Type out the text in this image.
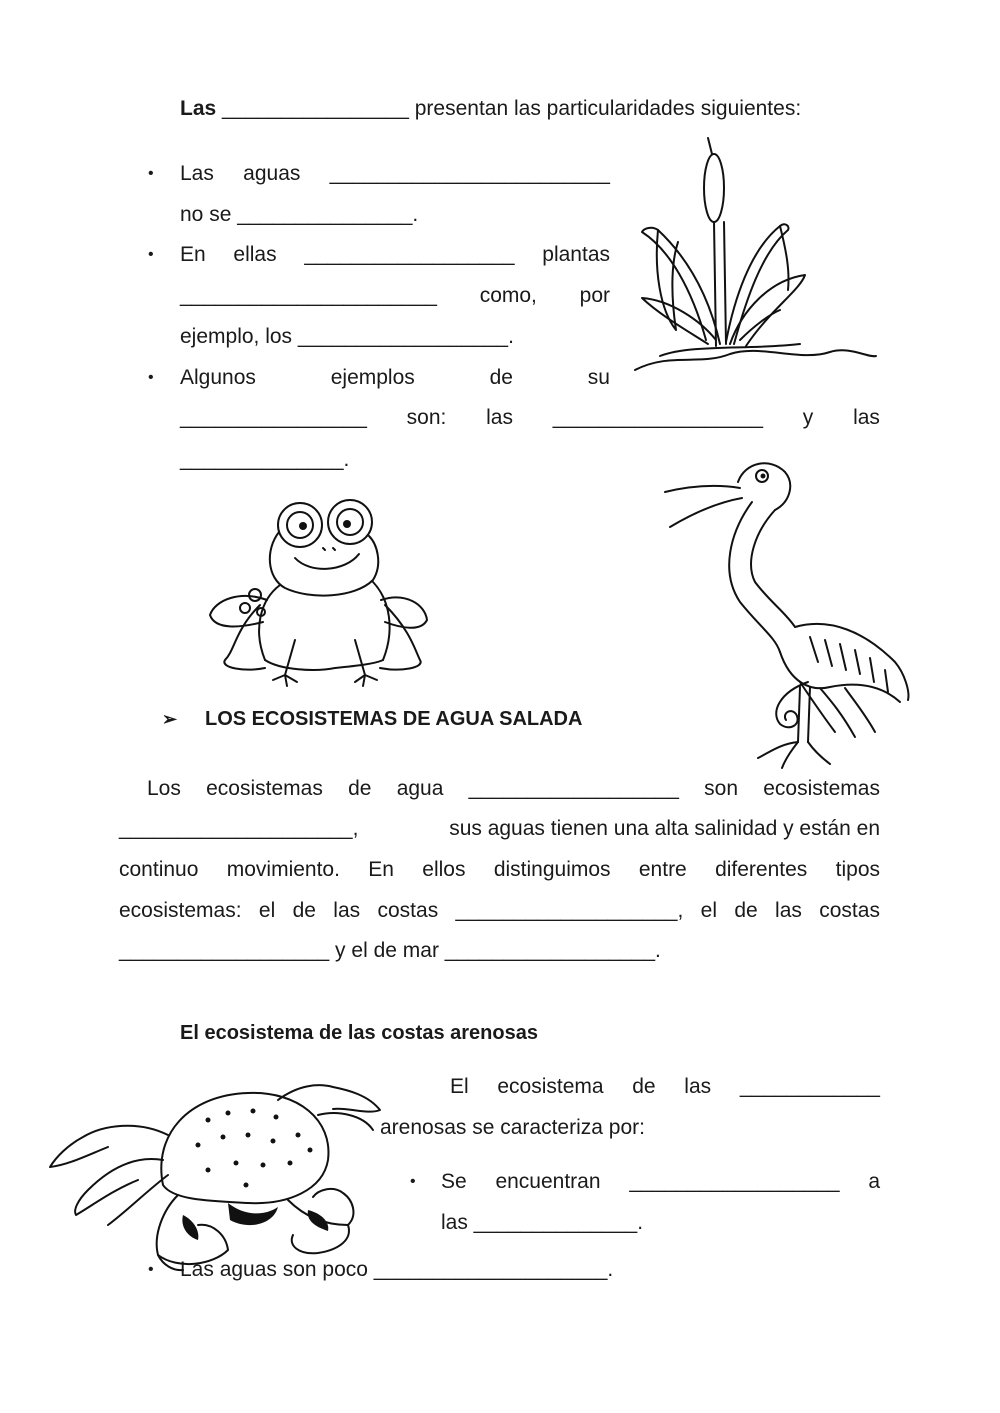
Las ________________ presentan las particularidades siguientes:
• Las aguas ________________________
no se _______________.
• En ellas __________________ plantas
______________________ como, por
ejemplo, los __________________.
• Algunos	ejemplos	de	su
________________ son: las __________________ y las
______________.
➢ LOS ECOSISTEMAS DE AGUA SALADA
Los ecosistemas de agua __________________ son ecosistemas
____________________,	sus aguas tienen una alta salinidad y están en
continuo movimiento. En ellos distinguimos entre diferentes tipos
ecosistemas: el de las costas ___________________, el de las costas
__________________ y el de mar __________________.
El ecosistema de las costas arenosas
El ecosistema de las ____________
arenosas se caracteriza por:
• Se encuentran __________________ a
las ______________.
• Las aguas son poco ____________________.
